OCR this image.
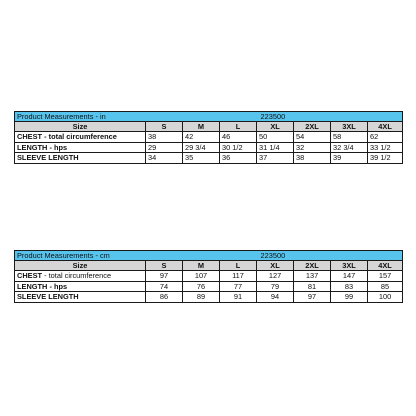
Product Measurements - in				223500			
Size	S	M	L	XL	2XL	3XL	4XL
CHEST - total circumference	38	42	46	50	54	58	62
LENGTH - hps	29	29 3/4	30 1/2	31 1/4	32	32 3/4	33 1/2
SLEEVE LENGTH	34	35	36	37	38	39	39 1/2
Product Measurements - cm				223500			
Size	S	M	L	XL	2XL	3XL	4XL
CHEST - total circumference	97	107	117	127	137	147	157
LENGTH - hps	74	76	77	79	81	83	85
SLEEVE LENGTH	86	89	91	94	97	99	100
